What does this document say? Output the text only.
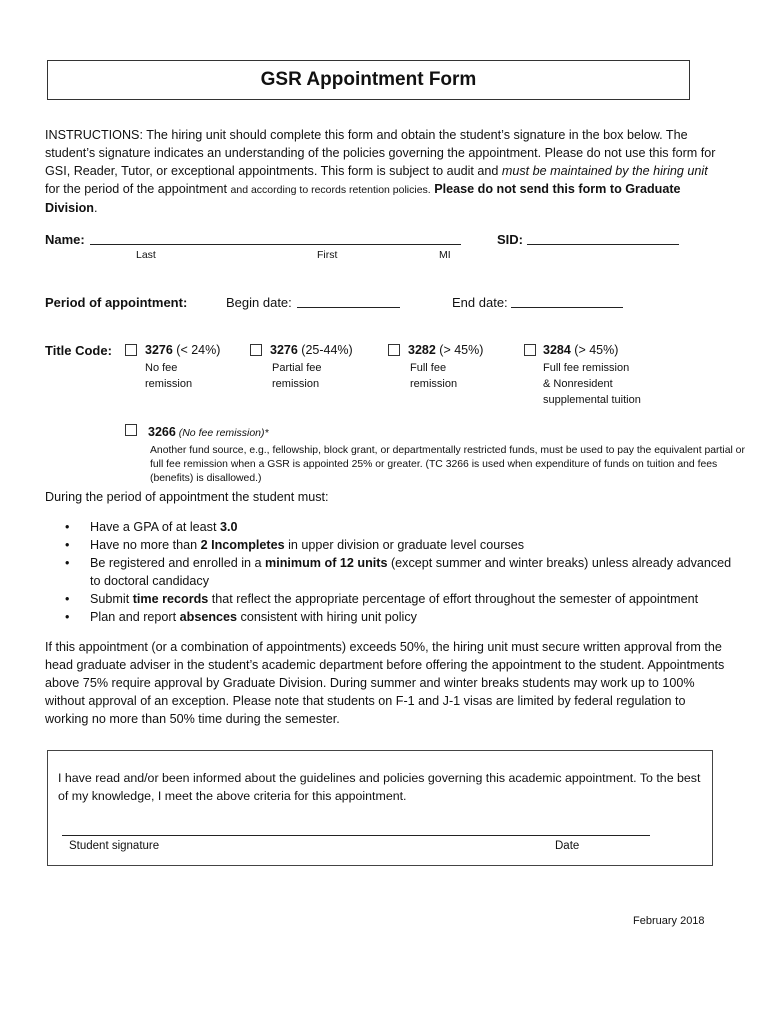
GSR Appointment Form
INSTRUCTIONS: The hiring unit should complete this form and obtain the student’s signature in the box below. The student’s signature indicates an understanding of the policies governing the appointment. Please do not use this form for GSI, Reader, Tutor, or exceptional appointments. This form is subject to audit and must be maintained by the hiring unit for the period of the appointment and according to records retention policies. Please do not send this form to Graduate Division.
Name:
Last	First	MI
SID:
Period of appointment:	Begin date:	End date:
Title Code:	3276 (< 24%)
No fee
remission
3276 (25-44%)
Partial fee
remission
3282 (> 45%)
Full fee
remission
3284 (> 45%)
Full fee remission
& Nonresident
supplemental tuition
3266 (No fee remission)*
Another fund source, e.g., fellowship, block grant, or departmentally restricted funds, must be used to pay the equivalent partial or full fee remission when a GSR is appointed 25% or greater. (TC 3266 is used when expenditure of funds on tuition and fees (benefits) is disallowed.)
During the period of appointment the student must:
• Have a GPA of at least 3.0
• Have no more than 2 Incompletes in upper division or graduate level courses
• Be registered and enrolled in a minimum of 12 units (except summer and winter breaks) unless already advanced to doctoral candidacy
• Submit time records that reflect the appropriate percentage of effort throughout the semester of appointment
• Plan and report absences consistent with hiring unit policy
If this appointment (or a combination of appointments) exceeds 50%, the hiring unit must secure written approval from the head graduate adviser in the student’s academic department before offering the appointment to the student. Appointments above 75% require approval by Graduate Division. During summer and winter breaks students may work up to 100% without approval of an exception. Please note that students on F-1 and J-1 visas are limited by federal regulation to working no more than 50% time during the semester.
I have read and/or been informed about the guidelines and policies governing this academic appointment. To the best of my knowledge, I meet the above criteria for this appointment.
Student signature	Date
February 2018
